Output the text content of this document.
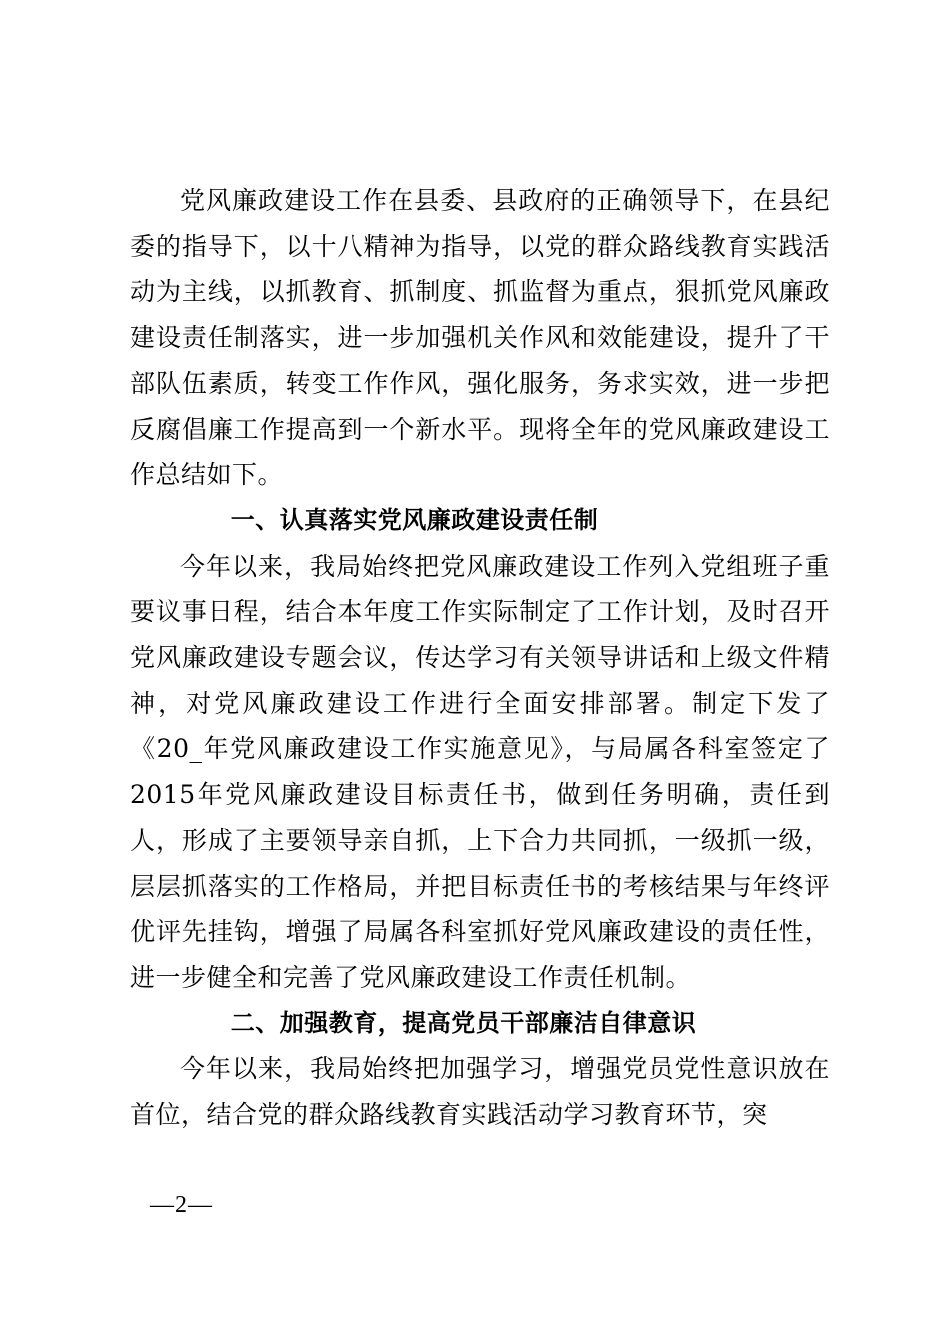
党风廉政建设工作在县委、县政府的正确领导下，在县纪委的指导下，以十八精神为指导，以党的群众路线教育实践活动为主线，以抓教育、抓制度、抓监督为重点，狠抓党风廉政建设责任制落实，进一步加强机关作风和效能建设，提升了干部队伍素质，转变工作作风，强化服务，务求实效，进一步把反腐倡廉工作提高到一个新水平。现将全年的党风廉政建设工作总结如下。

一、认真落实党风廉政建设责任制

今年以来，我局始终把党风廉政建设工作列入党组班子重要议事日程，结合本年度工作实际制定了工作计划，及时召开党风廉政建设专题会议，传达学习有关领导讲话和上级文件精神，对党风廉政建设工作进行全面安排部署。制定下发了《20_年党风廉政建设工作实施意见》，与局属各科室签定了2015年党风廉政建设目标责任书，做到任务明确，责任到人，形成了主要领导亲自抓，上下合力共同抓，一级抓一级，层层抓落实的工作格局，并把目标责任书的考核结果与年终评优评先挂钩，增强了局属各科室抓好党风廉政建设的责任性，进一步健全和完善了党风廉政建设工作责任机制。

二、加强教育，提高党员干部廉洁自律意识

今年以来，我局始终把加强学习，增强党员党性意识放在首位，结合党的群众路线教育实践活动学习教育环节，突

—2—
